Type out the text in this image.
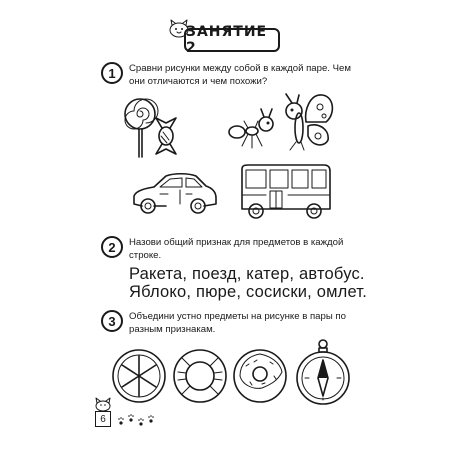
ЗАНЯТИЕ 2
1	Сравни рисунки между собой в каждой паре. Чем они отличаются и чем похожи?
2	Назови общий признак для предметов в каждой строке.
Ракета, поезд, катер, автобус.
Яблоко, пюре, сосиски, омлет.
3	Объедини устно предметы на рисунке в пары по разным признакам.
6
